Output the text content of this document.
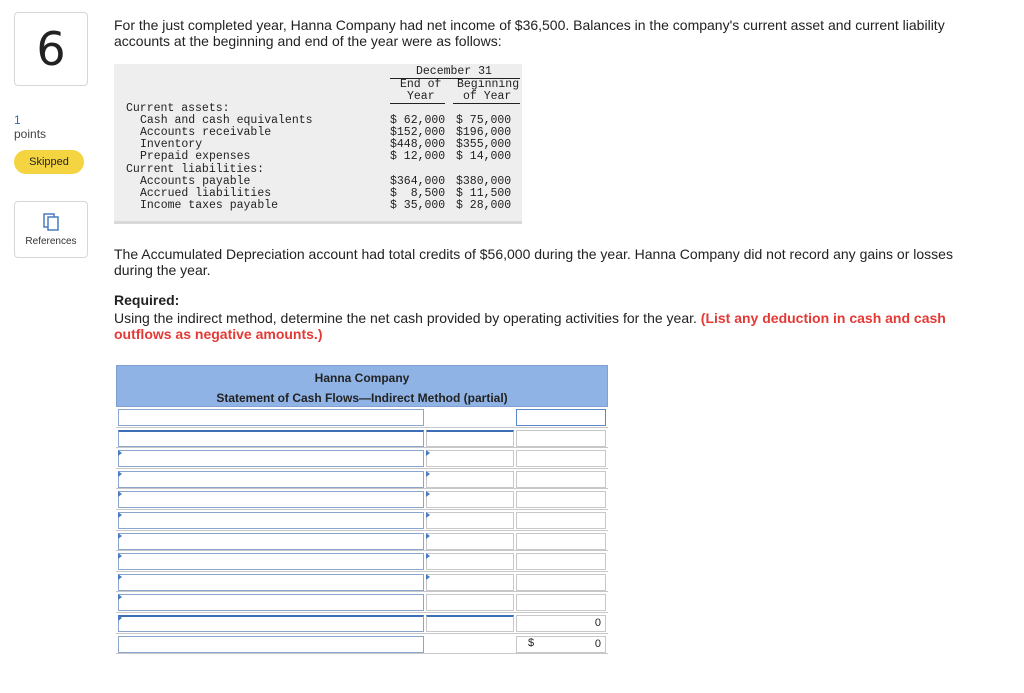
6
1
points
Skipped
References
For the just completed year, Hanna Company had net income of $36,500. Balances in the company's current asset and current liability accounts at the beginning and end of the year were as follows:
December 31
End of Beginning
Year of Year
Current assets:
Cash and cash equivalents	$ 62,000 $ 75,000
Accounts receivable	$152,000 $196,000
Inventory	$448,000 $355,000
Prepaid expenses	$ 12,000 $ 14,000
Current liabilities:
Accounts payable	$364,000 $380,000
Accrued liabilities	$  8,500 $ 11,500
Income taxes payable	$ 35,000 $ 28,000
The Accumulated Depreciation account had total credits of $56,000 during the year. Hanna Company did not record any gains or losses during the year.
Required:
Using the indirect method, determine the net cash provided by operating activities for the year. (List any deduction in cash and cash outflows as negative amounts.)
Hanna Company
Statement of Cash Flows—Indirect Method (partial)
0
0
$
